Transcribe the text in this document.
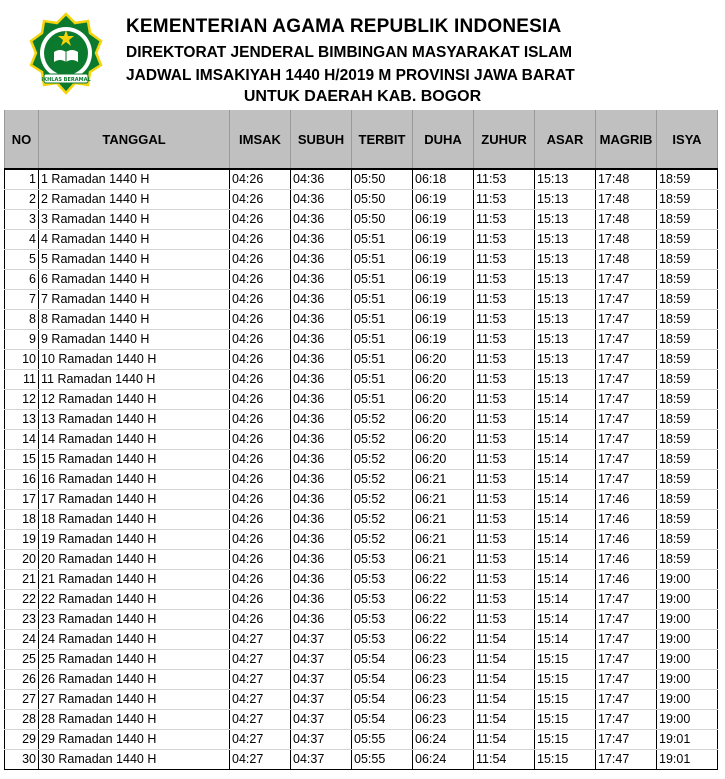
IKHLAS BERAMAL
KEMENTERIAN AGAMA REPUBLIK INDONESIA
DIREKTORAT JENDERAL BIMBINGAN MASYARAKAT ISLAM
JADWAL IMSAKIYAH 1440 H/2019 M PROVINSI JAWA BARAT
UNTUK DAERAH KAB. BOGOR
NO	TANGGAL	IMSAK	SUBUH	TERBIT	DUHA	ZUHUR	ASAR	MAGRIB	ISYA
1	1 Ramadan 1440 H	04:26	04:36	05:50	06:18	11:53	15:13	17:48	18:59
2	2 Ramadan 1440 H	04:26	04:36	05:50	06:19	11:53	15:13	17:48	18:59
3	3 Ramadan 1440 H	04:26	04:36	05:50	06:19	11:53	15:13	17:48	18:59
4	4 Ramadan 1440 H	04:26	04:36	05:51	06:19	11:53	15:13	17:48	18:59
5	5 Ramadan 1440 H	04:26	04:36	05:51	06:19	11:53	15:13	17:48	18:59
6	6 Ramadan 1440 H	04:26	04:36	05:51	06:19	11:53	15:13	17:47	18:59
7	7 Ramadan 1440 H	04:26	04:36	05:51	06:19	11:53	15:13	17:47	18:59
8	8 Ramadan 1440 H	04:26	04:36	05:51	06:19	11:53	15:13	17:47	18:59
9	9 Ramadan 1440 H	04:26	04:36	05:51	06:19	11:53	15:13	17:47	18:59
10	10 Ramadan 1440 H	04:26	04:36	05:51	06:20	11:53	15:13	17:47	18:59
11	11 Ramadan 1440 H	04:26	04:36	05:51	06:20	11:53	15:13	17:47	18:59
12	12 Ramadan 1440 H	04:26	04:36	05:51	06:20	11:53	15:14	17:47	18:59
13	13 Ramadan 1440 H	04:26	04:36	05:52	06:20	11:53	15:14	17:47	18:59
14	14 Ramadan 1440 H	04:26	04:36	05:52	06:20	11:53	15:14	17:47	18:59
15	15 Ramadan 1440 H	04:26	04:36	05:52	06:20	11:53	15:14	17:47	18:59
16	16 Ramadan 1440 H	04:26	04:36	05:52	06:21	11:53	15:14	17:47	18:59
17	17 Ramadan 1440 H	04:26	04:36	05:52	06:21	11:53	15:14	17:46	18:59
18	18 Ramadan 1440 H	04:26	04:36	05:52	06:21	11:53	15:14	17:46	18:59
19	19 Ramadan 1440 H	04:26	04:36	05:52	06:21	11:53	15:14	17:46	18:59
20	20 Ramadan 1440 H	04:26	04:36	05:53	06:21	11:53	15:14	17:46	18:59
21	21 Ramadan 1440 H	04:26	04:36	05:53	06:22	11:53	15:14	17:46	19:00
22	22 Ramadan 1440 H	04:26	04:36	05:53	06:22	11:53	15:14	17:47	19:00
23	23 Ramadan 1440 H	04:26	04:36	05:53	06:22	11:53	15:14	17:47	19:00
24	24 Ramadan 1440 H	04:27	04:37	05:53	06:22	11:54	15:14	17:47	19:00
25	25 Ramadan 1440 H	04:27	04:37	05:54	06:23	11:54	15:15	17:47	19:00
26	26 Ramadan 1440 H	04:27	04:37	05:54	06:23	11:54	15:15	17:47	19:00
27	27 Ramadan 1440 H	04:27	04:37	05:54	06:23	11:54	15:15	17:47	19:00
28	28 Ramadan 1440 H	04:27	04:37	05:54	06:23	11:54	15:15	17:47	19:00
29	29 Ramadan 1440 H	04:27	04:37	05:55	06:24	11:54	15:15	17:47	19:01
30	30 Ramadan 1440 H	04:27	04:37	05:55	06:24	11:54	15:15	17:47	19:01
